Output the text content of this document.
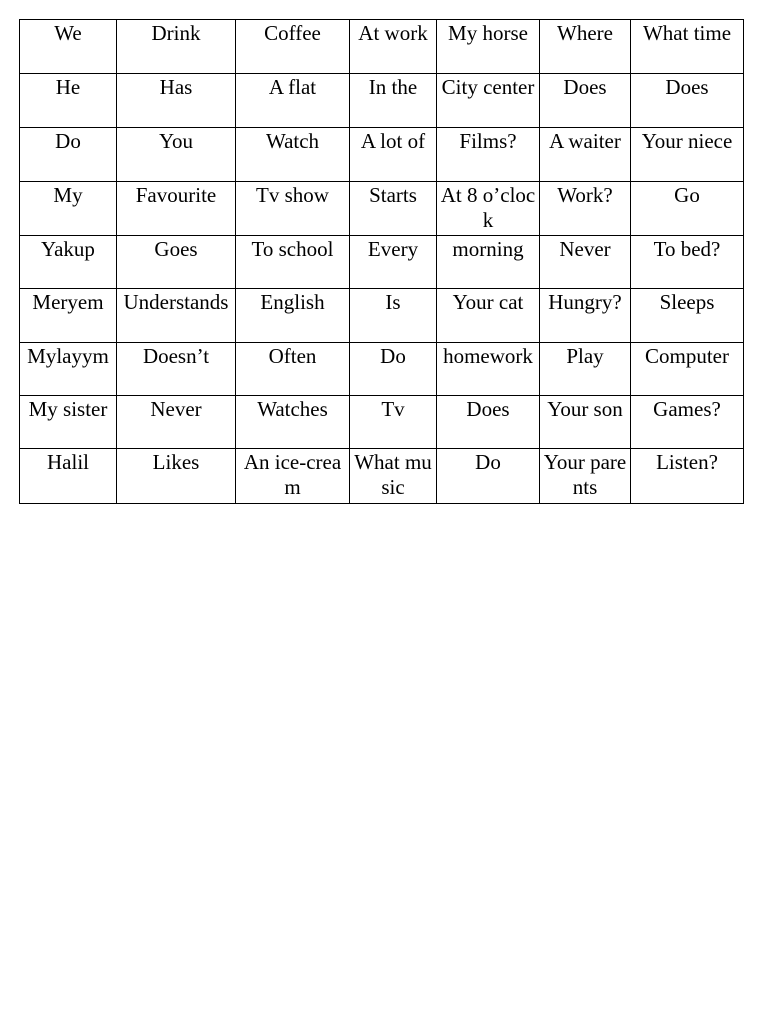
We	Drink	Coffee	At work	My horse	Where	What time

He	Has	A flat	In the	City center	Does	Does

Do	You	Watch	A lot of	Films?	A waiter	Your niece

My	Favourite	Tv show	Starts	At 8 o’clock	Work?	Go

Yakup	Goes	To school	Every	morning	Never	To bed?

Meryem	Understands	English	Is	Your cat	Hungry?	Sleeps

Mylayym	Doesn’t	Often	Do	homework	Play	Computer

My sister	Never	Watches	Tv	Does	Your son	Games?

Halil	Likes	An ice-cream	What music	Do	Your parents	Listen?
